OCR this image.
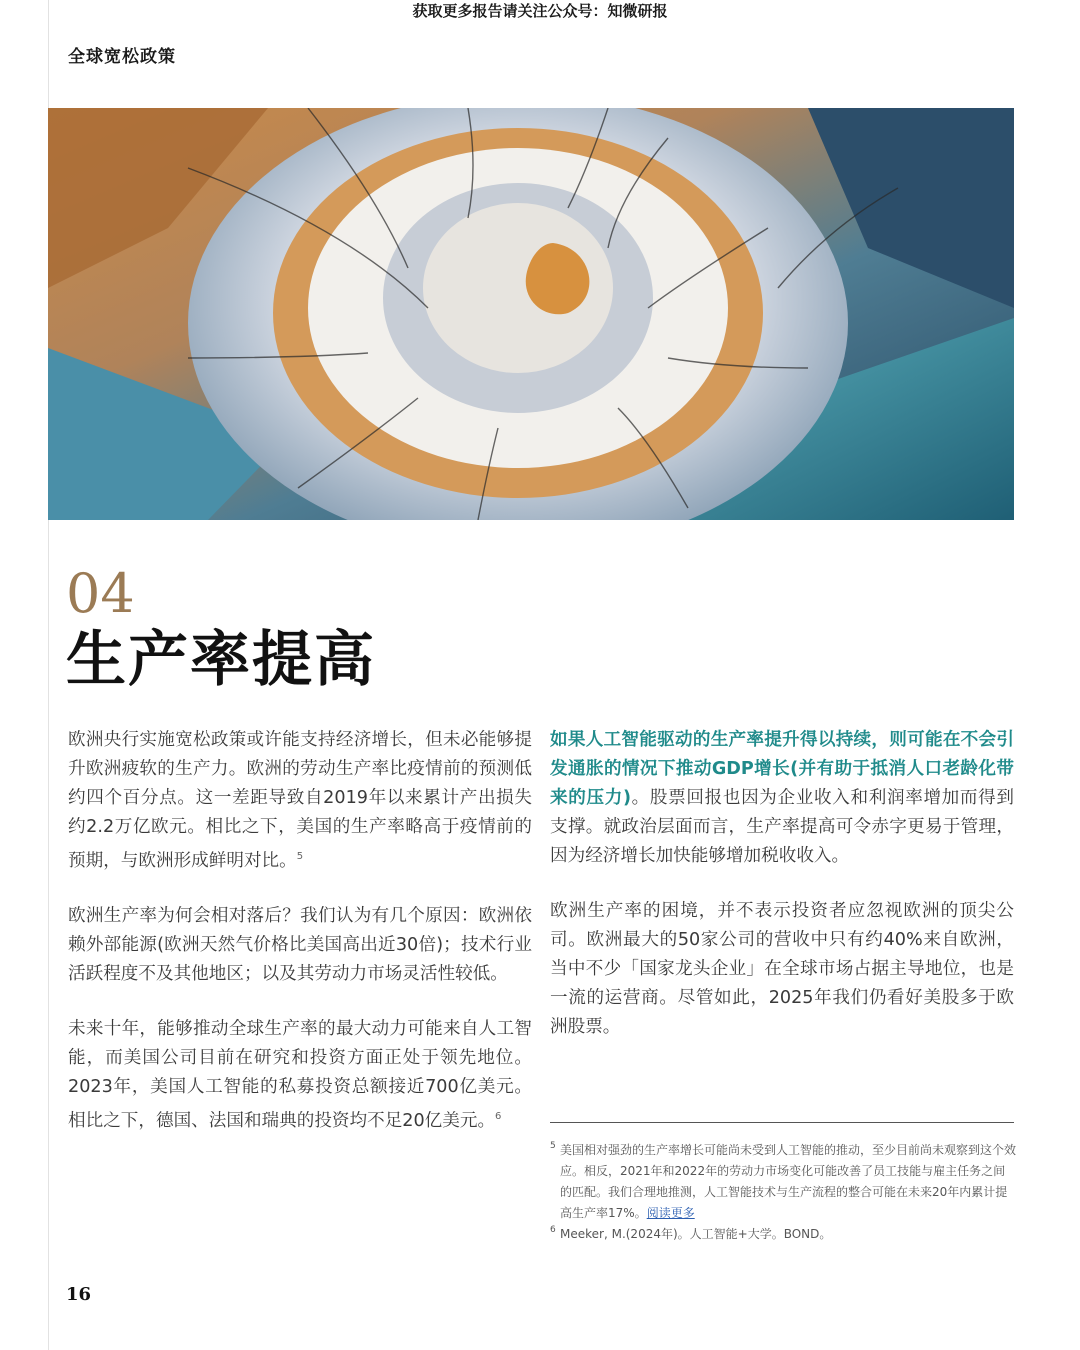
获取更多报告请关注公众号：知微研报
全球宽松政策
04
生产率提高

欧洲央行实施宽松政策或许能支持经济增长，但未必能够提升欧洲疲软的生产力。欧洲的劳动生产率比疫情前的预测低约四个百分点。这一差距导致自2019年以来累计产出损失约2.2万亿欧元。相比之下，美国的生产率略高于疫情前的预期，与欧洲形成鲜明对比。$^5$

欧洲生产率为何会相对落后？我们认为有几个原因：欧洲依赖外部能源(欧洲天然气价格比美国高出近30倍)；技术行业活跃程度不及其他地区；以及其劳动力市场灵活性较低。

未来十年，能够推动全球生产率的最大动力可能来自人工智能，而美国公司目前在研究和投资方面正处于领先地位。2023年，美国人工智能的私募投资总额接近700亿美元。相比之下，德国、法国和瑞典的投资均不足20亿美元。$^6$

如果人工智能驱动的生产率提升得以持续，则可能在不会引发通胀的情况下推动GDP增长(并有助于抵消人口老龄化带来的压力)。股票回报也因为企业收入和利润率增加而得到支撑。就政治层面而言，生产率提高可令赤字更易于管理，因为经济增长加快能够增加税收收入。

欧洲生产率的困境，并不表示投资者应忽视欧洲的顶尖公司。欧洲最大的50家公司的营收中只有约40%来自欧洲，当中不少「国家龙头企业」在全球市场占据主导地位，也是一流的运营商。尽管如此，2025年我们仍看好美股多于欧洲股票。

5 美国相对强劲的生产率增长可能尚未受到人工智能的推动，至少目前尚未观察到这个效应。相反，2021年和2022年的劳动力市场变化可能改善了员工技能与雇主任务之间的匹配。我们合理地推测，人工智能技术与生产流程的整合可能在未来20年内累计提高生产率17%。阅读更多

6 Meeker, M.(2024年)。人工智能+大学。BOND。

16
